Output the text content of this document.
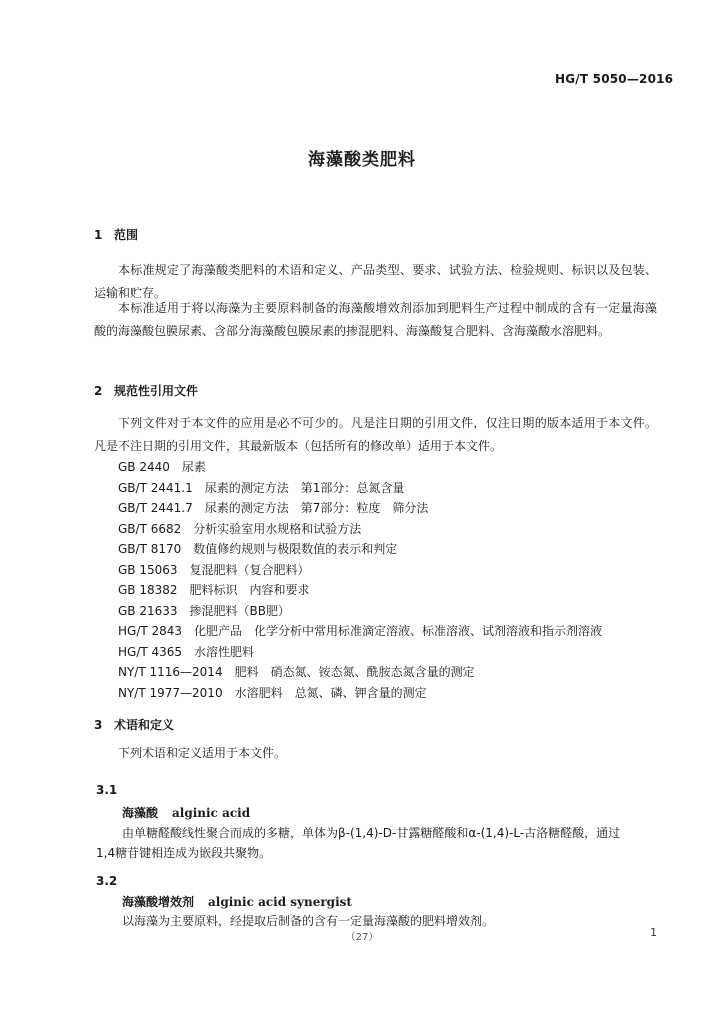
HG/T 5050—2016
海藻酸类肥料
1 范围
本标准规定了海藻酸类肥料的术语和定义、产品类型、要求、试验方法、检验规则、标识以及包装、运输和贮存。
本标准适用于将以海藻为主要原料制备的海藻酸增效剂添加到肥料生产过程中制成的含有一定量海藻酸的海藻酸包膜尿素、含部分海藻酸包膜尿素的掺混肥料、海藻酸复合肥料、含海藻酸水溶肥料。
2 规范性引用文件
下列文件对于本文件的应用是必不可少的。凡是注日期的引用文件，仅注日期的版本适用于本文件。凡是不注日期的引用文件，其最新版本（包括所有的修改单）适用于本文件。
GB 2440　尿素
GB/T 2441.1　尿素的测定方法　第1部分：总氮含量
GB/T 2441.7　尿素的测定方法　第7部分：粒度　筛分法
GB/T 6682　分析实验室用水规格和试验方法
GB/T 8170　数值修约规则与极限数值的表示和判定
GB 15063　复混肥料（复合肥料）
GB 18382　肥料标识　内容和要求
GB 21633　掺混肥料（BB肥）
HG/T 2843　化肥产品　化学分析中常用标准滴定溶液、标准溶液、试剂溶液和指示剂溶液
HG/T 4365　水溶性肥料
NY/T 1116—2014　肥料　硝态氮、铵态氮、酰胺态氮含量的测定
NY/T 1977—2010　水溶肥料　总氮、磷、钾含量的测定
3 术语和定义
下列术语和定义适用于本文件。
3.1
海藻酸 alginic acid
由单糖醛酸线性聚合而成的多糖，单体为β-(1,4)-D-甘露糖醛酸和α-(1,4)-L-古洛糖醛酸，通过
1,4糖苷键相连成为嵌段共聚物。
3.2
海藻酸增效剂 alginic acid synergist
以海藻为主要原料，经提取后制备的含有一定量海藻酸的肥料增效剂。
（27）	1
